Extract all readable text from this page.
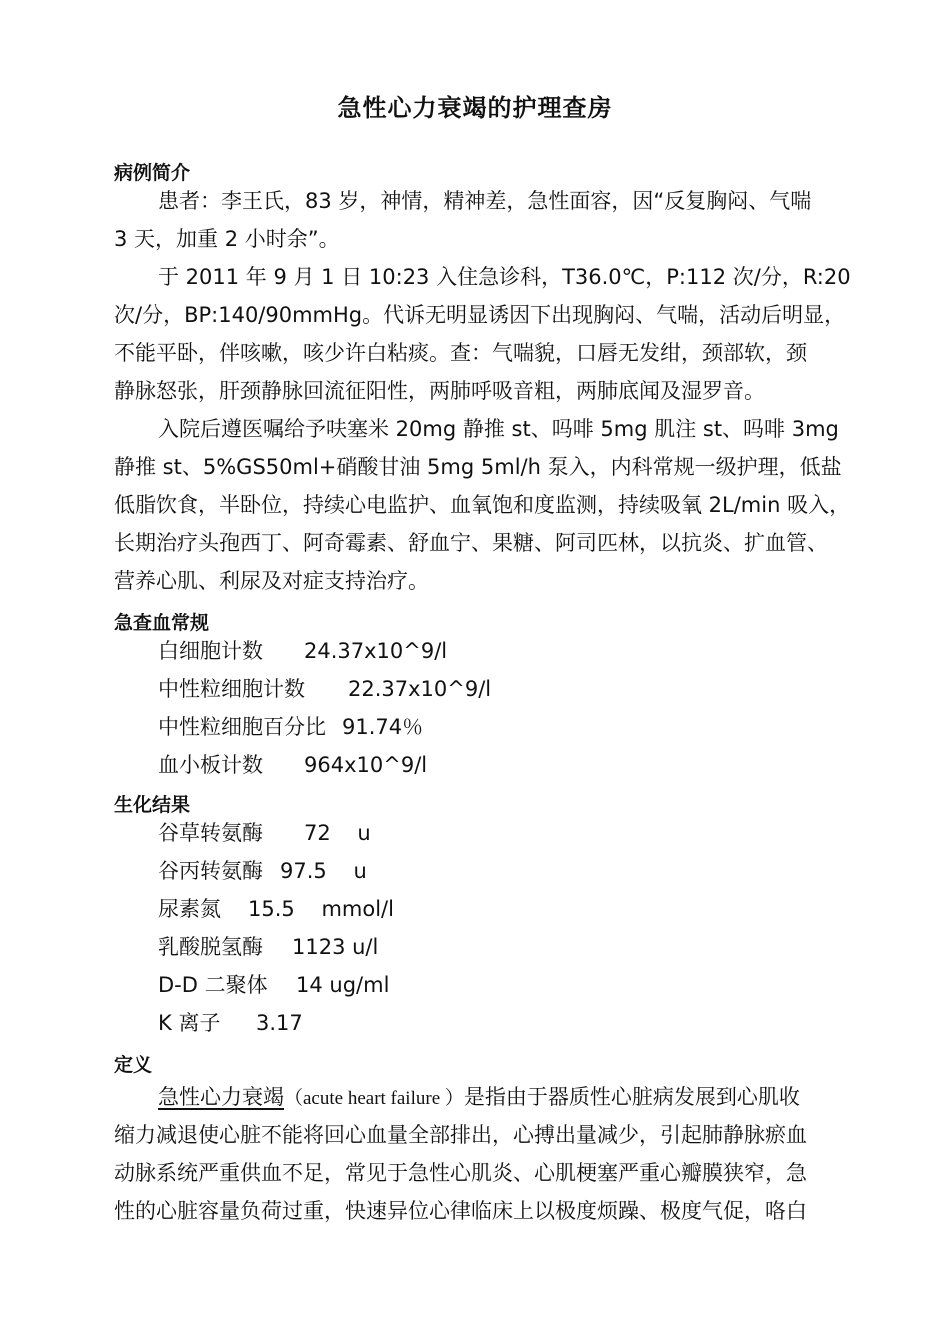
急性心力衰竭的护理查房
病例简介
患者：李王氏，83 岁，神情，精神差，急性面容，因“反复胸闷、气喘
3 天，加重 2 小时余”。
于 2011 年 9 月 1 日 10:23 入住急诊科，T36.0℃，P:112 次/分，R:20
次/分，BP:140/90mmHg。代诉无明显诱因下出现胸闷、气喘，活动后明显，
不能平卧，伴咳嗽，咳少许白粘痰。查：气喘貌，口唇无发绀，颈部软，颈
静脉怒张，肝颈静脉回流征阳性，两肺呼吸音粗，两肺底闻及湿罗音。
入院后遵医嘱给予呋塞米 20mg 静推 st、吗啡 5mg 肌注 st、吗啡 3mg
静推 st、5%GS50ml+硝酸甘油 5mg 5ml/h 泵入，内科常规一级护理，低盐
低脂饮食，半卧位，持续心电监护、血氧饱和度监测，持续吸氧 2L/min 吸入，
长期治疗头孢西丁、阿奇霉素、舒血宁、果糖、阿司匹林，以抗炎、扩血管、
营养心肌、利尿及对症支持治疗。
急查血常规
白细胞计数 24.37x10^9/l
中性粒细胞计数 22.37x10^9/l
中性粒细胞百分比 91.74％
血小板计数 964x10^9/l
生化结果
谷草转氨酶 72    u
谷丙转氨酶 97.5    u
尿素氮 15.5    mmol/l
乳酸脱氢酶 1123 u/l
D-D 二聚体 14 ug/ml
K 离子 3.17
定义
急性心力衰竭（acute heart failure ）是指由于器质性心脏病发展到心肌收
缩力减退使心脏不能将回心血量全部排出，心搏出量减少，引起肺静脉瘀血
动脉系统严重供血不足，常见于急性心肌炎、心肌梗塞严重心瓣膜狭窄，急
性的心脏容量负荷过重，快速异位心律临床上以极度烦躁、极度气促，咯白
